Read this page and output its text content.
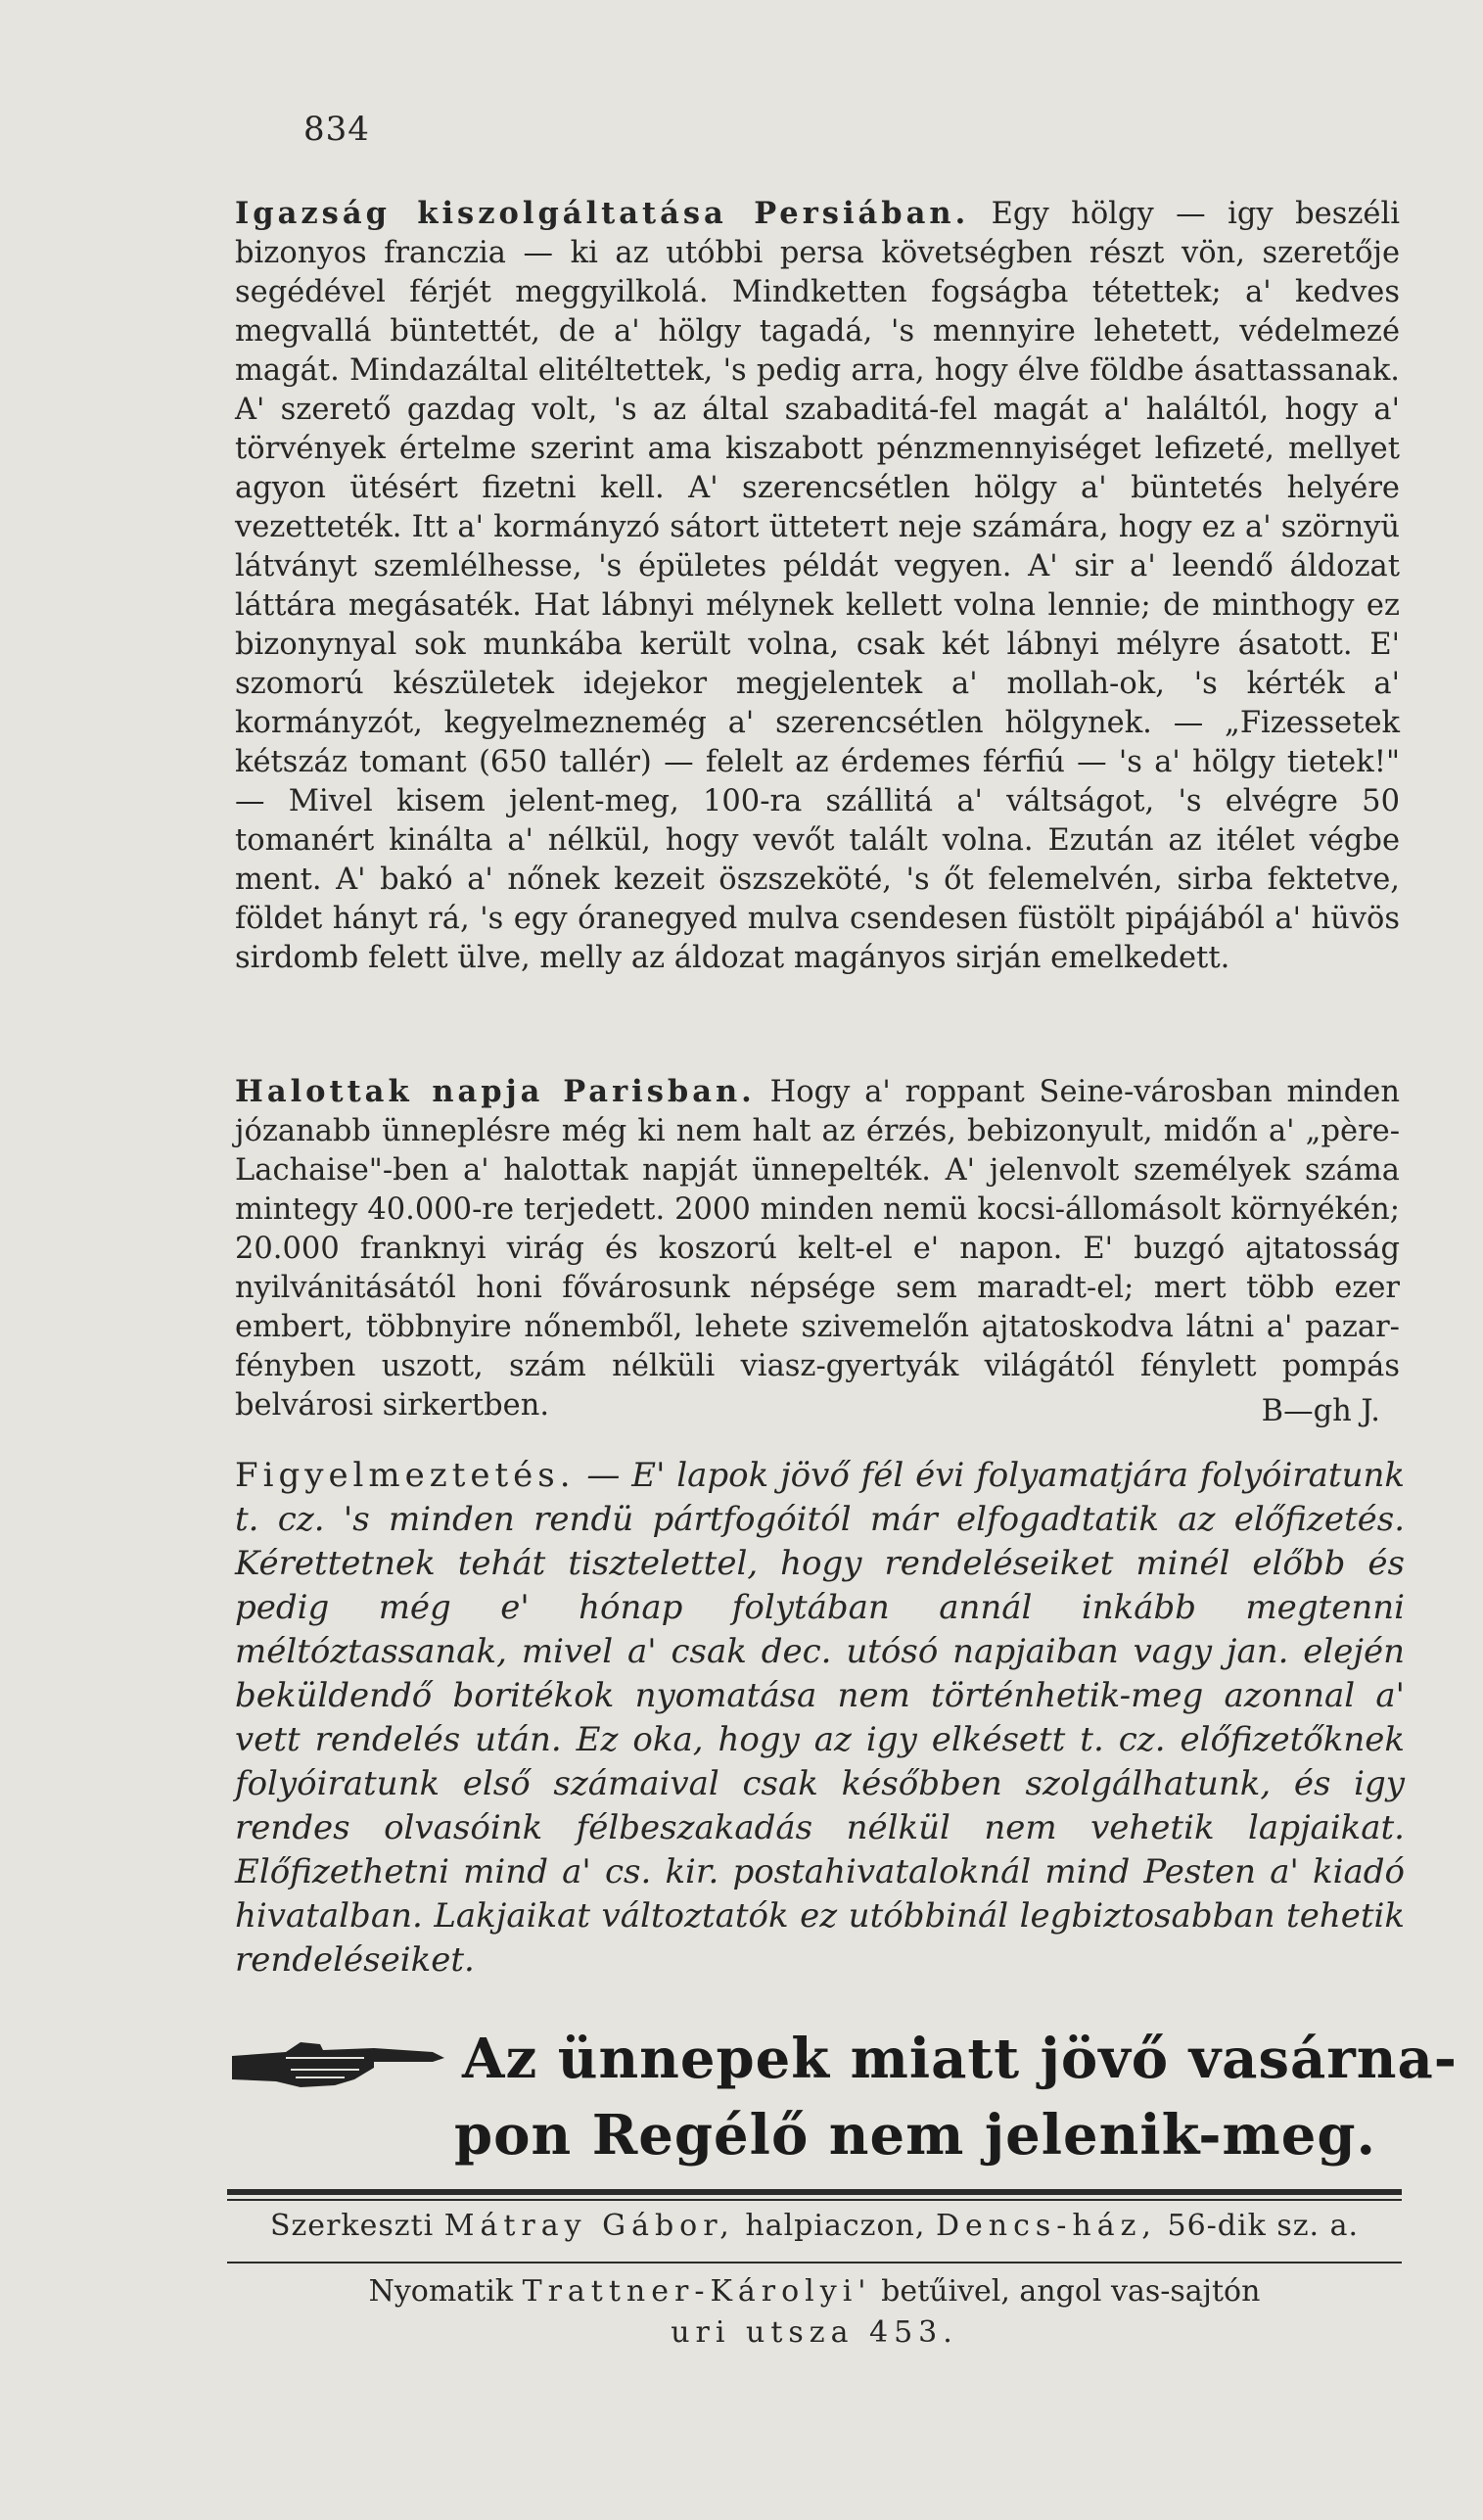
834

Igazság kiszolgáltatása Persiában. Egy hölgy — igy beszéli bizonyos franczia — ki az utóbbi persa követségben részt vön, szeretője segédével férjét meggyilkolá. Mindketten fogságba tétettek; a' kedves megvallá büntettét, de a' hölgy tagadá, 's mennyire lehetett, védelmezé magát. Mindazáltal elitéltettek, 's pedig arra, hogy élve földbe ásattassanak. A' szerető gazdag volt, 's az által szabaditá-fel magát a' haláltól, hogy a' törvények értelme szerint ama kiszabott pénzmennyiséget lefizeté, mellyet agyon ütésért fizetni kell. A' szerencsétlen hölgy a' büntetés helyére vezetteték. Itt a' kormányzó sátort ütteteтt neje számára, hogy ez a' szörnyü látványt szemlélhesse, 's épületes példát vegyen. A' sir a' leendő áldozat láttára megásaték. Hat lábnyi mélynek kellett volna lennie; de minthogy ez bizonynyal sok munkába került volna, csak két lábnyi mélyre ásatott. E' szomorú készületek idejekor megjelentek a' mollah-ok, 's kérték a' kormányzót, kegyelmeznemég a' szerencsétlen hölgynek. — „Fizessetek kétszáz tomant (650 tallér) — felelt az érdemes férfiú — 's a' hölgy tietek!" — Mivel kisem jelent-meg, 100-ra szállitá a' váltságot, 's elvégre 50 tomanért kinálta a' nélkül, hogy vevőt talált volna. Ezután az itélet végbe ment. A' bakó a' nőnek kezeit öszszeköté, 's őt felemelvén, sirba fektetve, földet hányt rá, 's egy óranegyed mulva csendesen füstölt pipájából a' hüvös sirdomb felett ülve, melly az áldozat magányos sirján emelkedett.

Halottak napja Parisban. Hogy a' roppant Seine-városban minden józanabb ünneplésre még ki nem halt az érzés, bebizonyult, midőn a' „père-Lachaise"-ben a' halottak napját ünnepelték. A' jelenvolt személyek száma mintegy 40.000-re terjedett. 2000 minden nemü kocsi-állomásolt környékén; 20.000 franknyi virág és koszorú kelt-el e' napon. E' buzgó ajtatosság nyilvánitásától honi fővárosunk népsége sem maradt-el; mert több ezer embert, többnyire nőnemből, lehete szivemelőn ajtatoskodva látni a' pazar-fényben uszott, szám nélküli viasz-gyertyák világától fénylett pompás belvárosi sirkertben.	B—gh J.

Figyelmeztetés. — E' lapok jövő fél évi folyamatjára folyóiratunk t. cz. 's minden rendü pártfogóitól már elfogadtatik az előfizetés. Kérettetnek tehát tisztelettel, hogy rendeléseiket minél előbb és pedig még e' hónap folytában annál inkább megtenni méltóztassanak, mivel a' csak dec. utósó napjaiban vagy jan. elején beküldendő boritékok nyomatása nem történhetik-meg azonnal a' vett rendelés után. Ez oka, hogy az igy elkésett t. cz. előfizetőknek folyóiratunk első számaival csak későbben szolgálhatunk, és igy rendes olvasóink félbeszakadás nélkül nem vehetik lapjaikat. Előfizethetni mind a' cs. kir. postahivataloknál mind Pesten a' kiadó hivatalban. Lakjaikat változtatók ez utóbbinál legbiztosabban tehetik rendeléseiket.
Az ünnepek miatt jövő vasárna-
pon Regélő nem jelenik-meg.
Szerkeszti Mátray Gábor, halpiaczon, Dencs-ház, 56-dik sz. a.
Nyomatik Trattner-Károlyi' betűivel, angol vas-sajtón
uri utsza 453.
